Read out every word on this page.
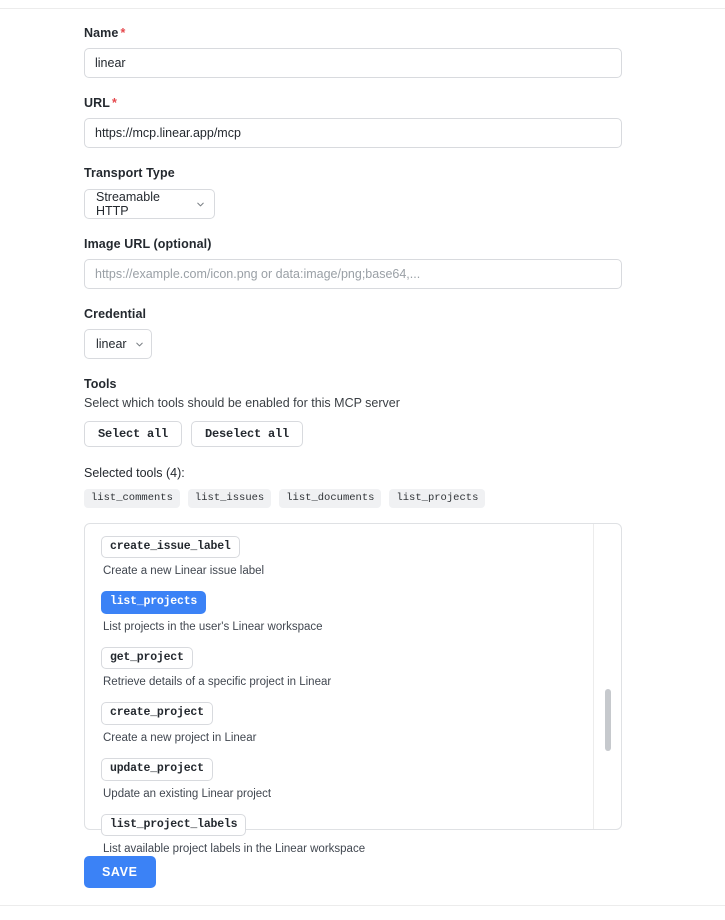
Name *
linear
URL *
https://mcp.linear.app/mcp
Transport Type
Streamable HTTP
Image URL (optional)
https://example.com/icon.png or data:image/png;base64,...
Credential
linear
Tools
Select which tools should be enabled for this MCP server
Select all	Deselect all
Selected tools (4):
list_comments	list_issues	list_documents	list_projects
create_issue_label
Create a new Linear issue label
list_projects
List projects in the user's Linear workspace
get_project
Retrieve details of a specific project in Linear
create_project
Create a new project in Linear
update_project
Update an existing Linear project
list_project_labels
List available project labels in the Linear workspace
SAVE
